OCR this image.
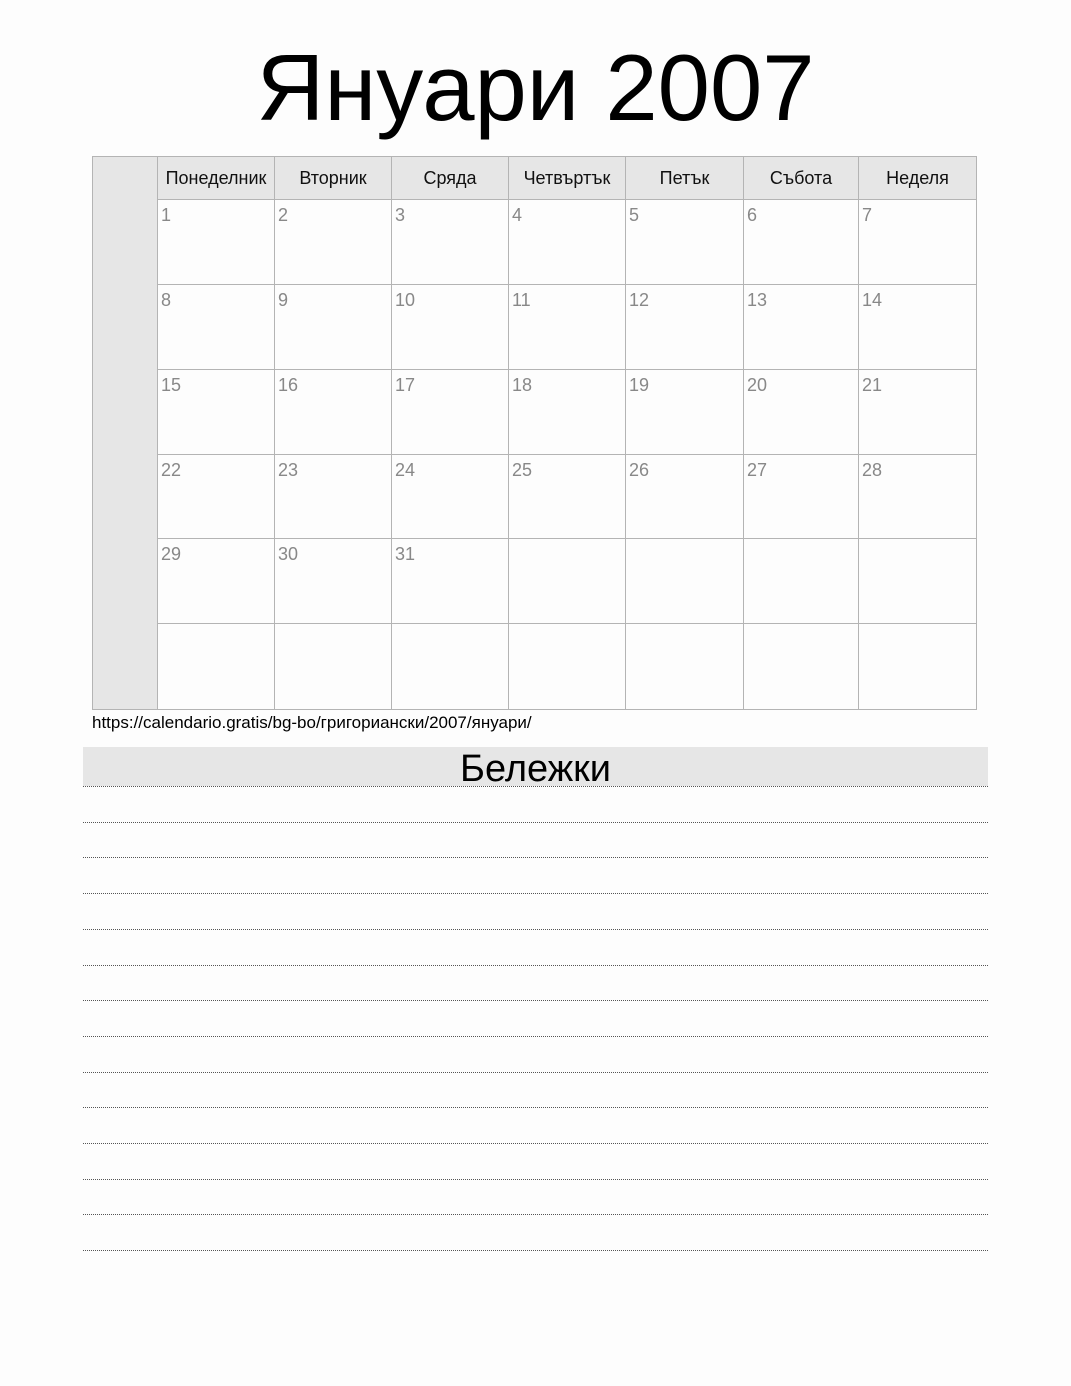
Януари 2007
Понеделник	Вторник	Сряда	Четвъртък	Петък	Събота	Неделя
1	2	3	4	5	6	7
8	9	10	11	12	13	14
15	16	17	18	19	20	21
22	23	24	25	26	27	28
29	30	31
https://calendario.gratis/bg-bo/григориански/2007/януари/
Бележки
